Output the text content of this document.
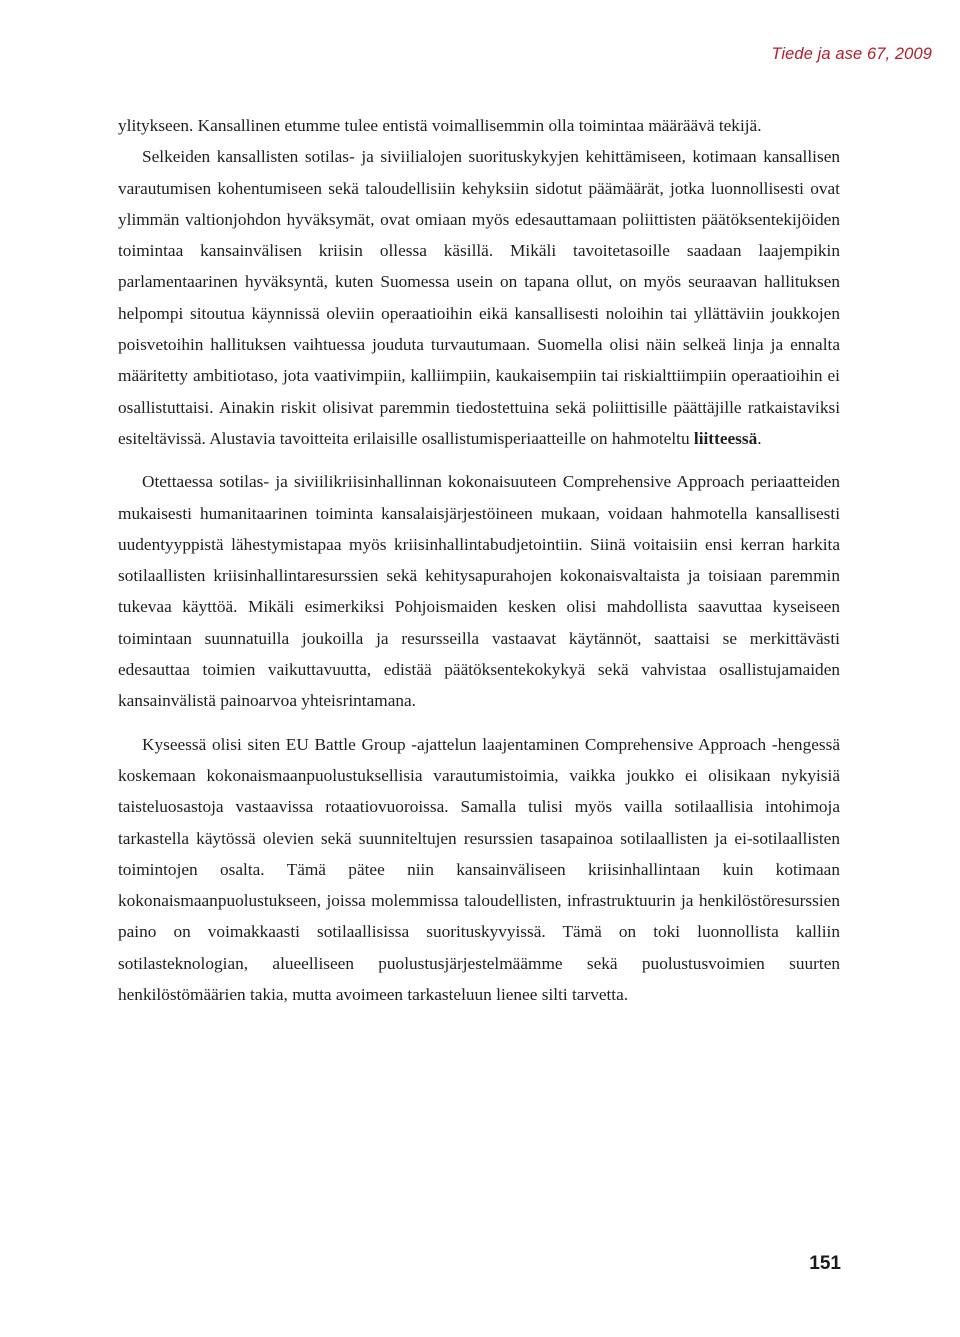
Tiede ja ase 67, 2009

ylitykseen. Kansallinen etumme tulee entistä voimallisemmin olla toimintaa määräävä tekijä.

Selkeiden kansallisten sotilas- ja siviilialojen suorituskykyjen kehittämiseen, kotimaan kansallisen varautumisen kohentumiseen sekä taloudellisiin kehyksiin sidotut päämäärät, jotka luonnollisesti ovat ylimmän valtionjohdon hyväksymät, ovat omiaan myös edesauttamaan poliittisten päätöksentekijöiden toimintaa kansainvälisen kriisin ollessa käsillä. Mikäli tavoitetasoille saadaan laajempikin parlamentaarinen hyväksyntä, kuten Suomessa usein on tapana ollut, on myös seuraavan hallituksen helpompi sitoutua käynnissä oleviin operaatioihin eikä kansallisesti noloihin tai yllättäviin joukkojen poisvetoihin hallituksen vaihtuessa jouduta turvautumaan. Suomella olisi näin selkeä linja ja ennalta määritetty ambitiotaso, jota vaativimpiin, kalliimpiin, kaukaisempiin tai riskialttiimpiin operaatioihin ei osallistuttaisi. Ainakin riskit olisivat paremmin tiedostettuina sekä poliittisille päättäjille ratkaistaviksi esiteltävissä. Alustavia tavoitteita erilaisille osallistumisperiaatteille on hahmoteltu liitteessä.

Otettaessa sotilas- ja siviilikriisinhallinnan kokonaisuuteen Comprehensive Approach periaatteiden mukaisesti humanitaarinen toiminta kansalaisjärjestöineen mukaan, voidaan hahmotella kansallisesti uudentyyppistä lähestymistapaa myös kriisinhallintabudjetointiin. Siinä voitaisiin ensi kerran harkita sotilaallisten kriisinhallintaresurssien sekä kehitysapurahojen kokonaisvaltaista ja toisiaan paremmin tukevaa käyttöä. Mikäli esimerkiksi Pohjoismaiden kesken olisi mahdollista saavuttaa kyseiseen toimintaan suunnatuilla joukoilla ja resursseilla vastaavat käytännöt, saattaisi se merkittävästi edesauttaa toimien vaikuttavuutta, edistää päätöksentekokykyä sekä vahvistaa osallistujamaiden kansainvälistä painoarvoa yhteisrintamana.

Kyseessä olisi siten EU Battle Group -ajattelun laajentaminen Comprehensive Approach -hengessä koskemaan kokonaismaanpuolustuksellisia varautumistoimia, vaikka joukko ei olisikaan nykyisiä taisteluosastoja vastaavissa rotaatiovuoroissa. Samalla tulisi myös vailla sotilaallisia intohimoja tarkastella käytössä olevien sekä suunniteltujen resurssien tasapainoa sotilaallisten ja ei-sotilaallisten toimintojen osalta. Tämä pätee niin kansainväliseen kriisinhallintaan kuin kotimaan kokonaismaanpuolustukseen, joissa molemmissa taloudellisten, infrastruktuurin ja henkilöstöresurssien paino on voimakkaasti sotilaallisissa suorituskyvyissä. Tämä on toki luonnollista kalliin sotilasteknologian, alueelliseen puolustusjärjestelmäämme sekä puolustusvoimien suurten henkilöstömäärien takia, mutta avoimeen tarkasteluun lienee silti tarvetta.

151
